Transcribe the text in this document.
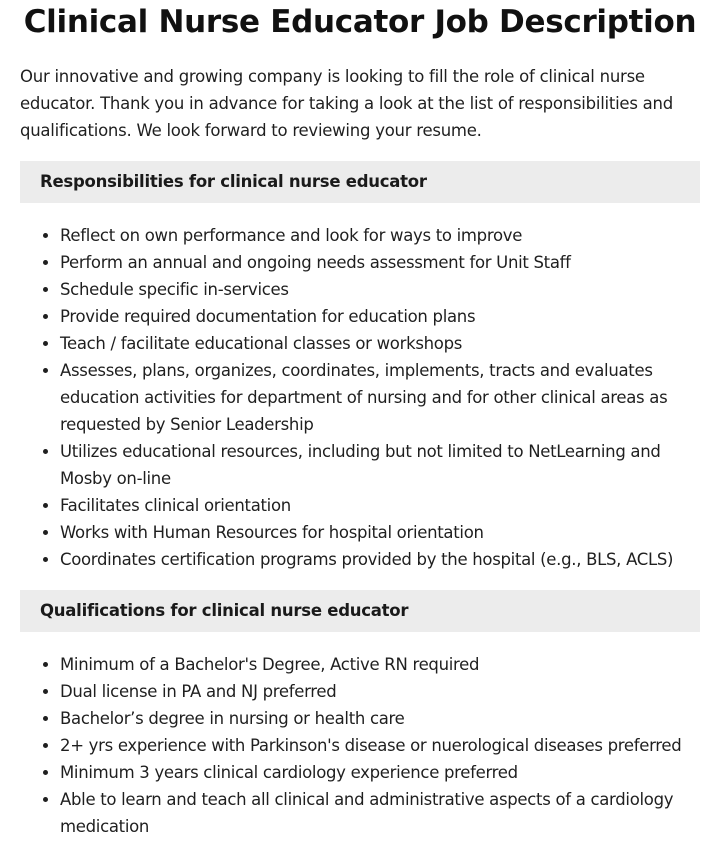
Clinical Nurse Educator Job Description

Our innovative and growing company is looking to fill the role of clinical nurse educator. Thank you in advance for taking a look at the list of responsibilities and qualifications. We look forward to reviewing your resume.

Responsibilities for clinical nurse educator
Reflect on own performance and look for ways to improve
Perform an annual and ongoing needs assessment for Unit Staff
Schedule specific in-services
Provide required documentation for education plans
Teach / facilitate educational classes or workshops
Assesses, plans, organizes, coordinates, implements, tracts and evaluates education activities for department of nursing and for other clinical areas as requested by Senior Leadership
Utilizes educational resources, including but not limited to NetLearning and Mosby on-line
Facilitates clinical orientation
Works with Human Resources for hospital orientation
Coordinates certification programs provided by the hospital (e.g., BLS, ACLS)
Qualifications for clinical nurse educator
Minimum of a Bachelor's Degree, Active RN required
Dual license in PA and NJ preferred
Bachelor’s degree in nursing or health care
2+ yrs experience with Parkinson's disease or nuerological diseases preferred
Minimum 3 years clinical cardiology experience preferred
Able to learn and teach all clinical and administrative aspects of a cardiology medication
